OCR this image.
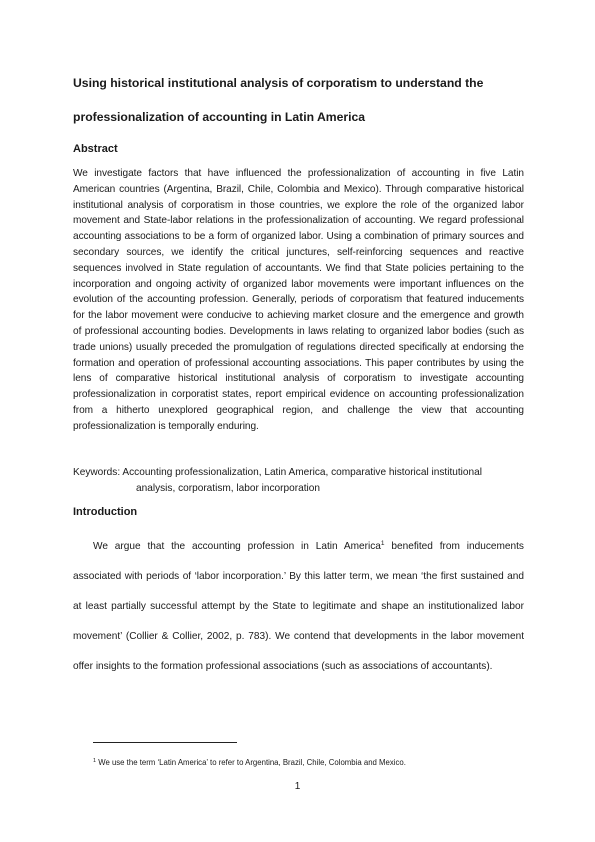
Using historical institutional analysis of corporatism to understand the
professionalization of accounting in Latin America
Abstract

We investigate factors that have influenced the professionalization of accounting in five Latin American countries (Argentina, Brazil, Chile, Colombia and Mexico). Through comparative historical institutional analysis of corporatism in those countries, we explore the role of the organized labor movement and State-labor relations in the professionalization of accounting. We regard professional accounting associations to be a form of organized labor. Using a combination of primary sources and secondary sources, we identify the critical junctures, self-reinforcing sequences and reactive sequences involved in State regulation of accountants. We find that State policies pertaining to the incorporation and ongoing activity of organized labor movements were important influences on the evolution of the accounting profession. Generally, periods of corporatism that featured inducements for the labor movement were conducive to achieving market closure and the emergence and growth of professional accounting bodies. Developments in laws relating to organized labor bodies (such as trade unions) usually preceded the promulgation of regulations directed specifically at endorsing the formation and operation of professional accounting associations. This paper contributes by using the lens of comparative historical institutional analysis of corporatism to investigate accounting professionalization in corporatist states, report empirical evidence on accounting professionalization from a hitherto unexplored geographical region, and challenge the view that accounting professionalization is temporally enduring.

Keywords: Accounting professionalization, Latin America, comparative historical institutional
analysis, corporatism, labor incorporation
Introduction

We argue that the accounting profession in Latin America$^1$ benefited from inducements associated with periods of ‘labor incorporation.’ By this latter term, we mean ‘the first sustained and at least partially successful attempt by the State to legitimate and shape an institutionalized labor movement’ (Collier & Collier, 2002, p. 783). We contend that developments in the labor movement offer insights to the formation professional associations (such as associations of accountants).

$^1$ We use the term ‘Latin America’ to refer to Argentina, Brazil, Chile, Colombia and Mexico.
1
